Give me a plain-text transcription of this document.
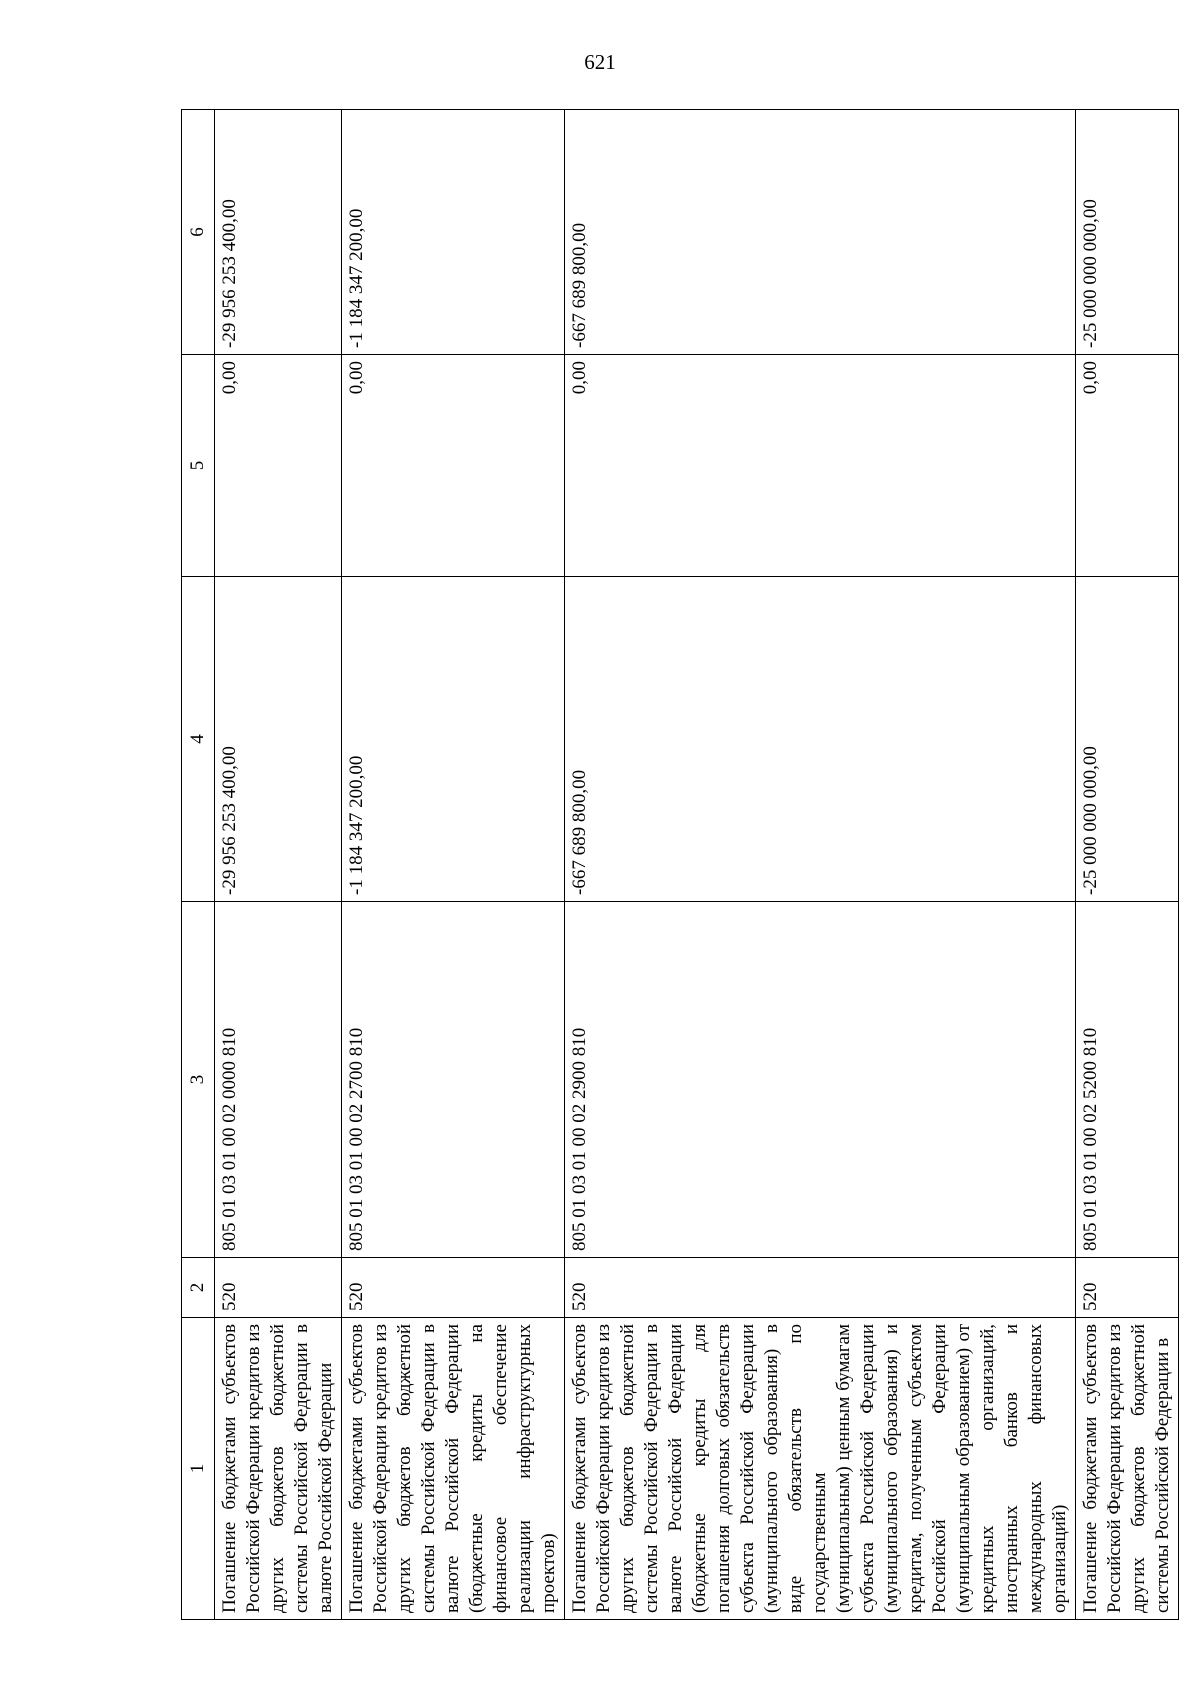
621
1	2	3	4	5	6
Погашение бюджетами субъектов Российской Федерации кредитов из других бюджетов бюджетной системы Российской Федерации в валюте Российской Федерации	520	805 01 03 01 00 02 0000 810	-29 956 253 400,00	0,00	-29 956 253 400,00
Погашение бюджетами субъектов Российской Федерации кредитов из других бюджетов бюджетной системы Российской Федерации в валюте Российской Федерации (бюджетные кредиты на финансовое обеспечение реализации инфраструктурных проектов)	520	805 01 03 01 00 02 2700 810	-1 184 347 200,00	0,00	-1 184 347 200,00
Погашение бюджетами субъектов Российской Федерации кредитов из других бюджетов бюджетной системы Российской Федерации в валюте Российской Федерации (бюджетные кредиты для погашения долговых обязательств субъекта Российской Федерации (муниципального образования) в виде обязательств по государственным (муниципальным) ценным бумагам субъекта Российской Федерации (муниципального образования) и кредитам, полученным субъектом Российской Федерации (муниципальным образованием) от кредитных организаций, иностранных банков и международных финансовых организаций)	520	805 01 03 01 00 02 2900 810	-667 689 800,00	0,00	-667 689 800,00
Погашение бюджетами субъектов Российской Федерации кредитов из других бюджетов бюджетной системы Российской Федерации в	520	805 01 03 01 00 02 5200 810	-25 000 000 000,00	0,00	-25 000 000 000,00
